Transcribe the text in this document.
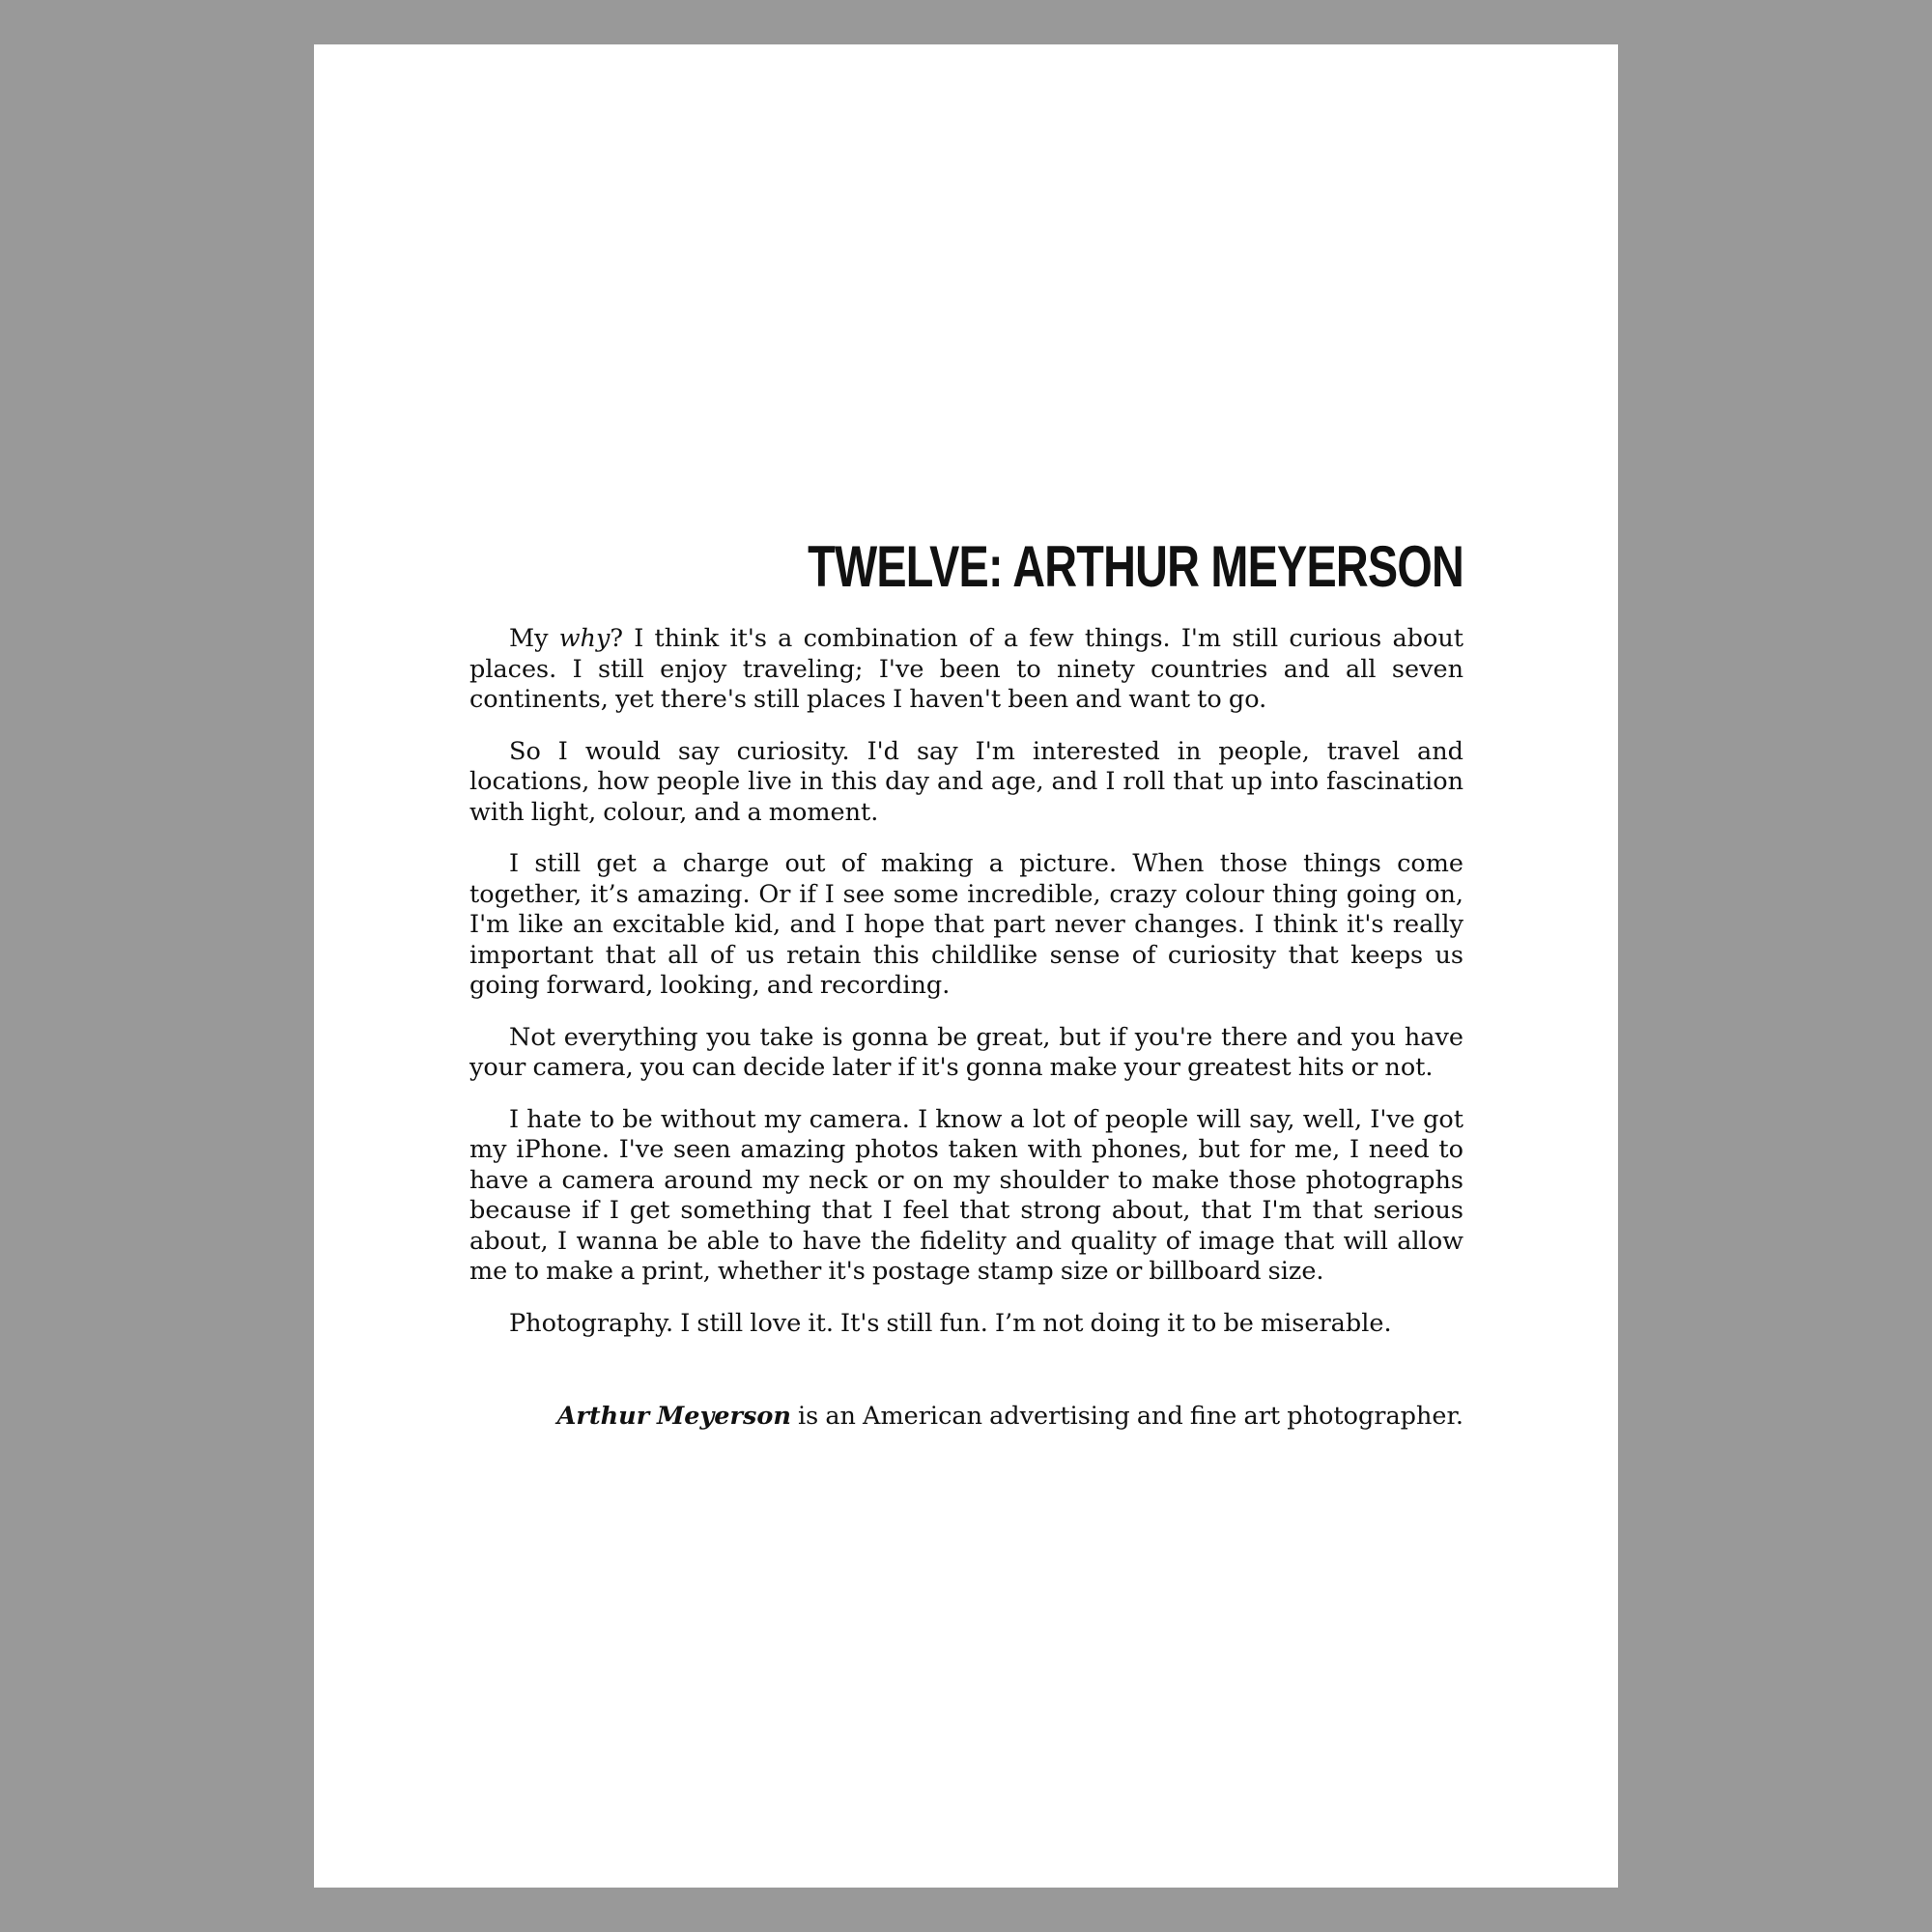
TWELVE: ARTHUR MEYERSON

My why? I think it's a combination of a few things. I'm still curious about places. I still enjoy traveling; I've been to ninety countries and all seven continents, yet there's still places I haven't been and want to go.

So I would say curiosity. I'd say I'm interested in people, travel and locations, how people live in this day and age, and I roll that up into fascination with light, colour, and a moment.

I still get a charge out of making a picture. When those things come together, it’s amazing. Or if I see some incredible, crazy colour thing going on, I'm like an excitable kid, and I hope that part never changes. I think it's really important that all of us retain this childlike sense of curiosity that keeps us going forward, looking, and recording.

Not everything you take is gonna be great, but if you're there and you have your camera, you can decide later if it's gonna make your greatest hits or not.

I hate to be without my camera. I know a lot of people will say, well, I've got my iPhone. I've seen amazing photos taken with phones, but for me, I need to have a camera around my neck or on my shoulder to make those photographs because if I get something that I feel that strong about, that I'm that serious about, I wanna be able to have the fidelity and quality of image that will allow me to make a print, whether it's postage stamp size or billboard size.

Photography. I still love it. It's still fun. I’m not doing it to be miserable.

Arthur Meyerson is an American advertising and fine art photographer.
